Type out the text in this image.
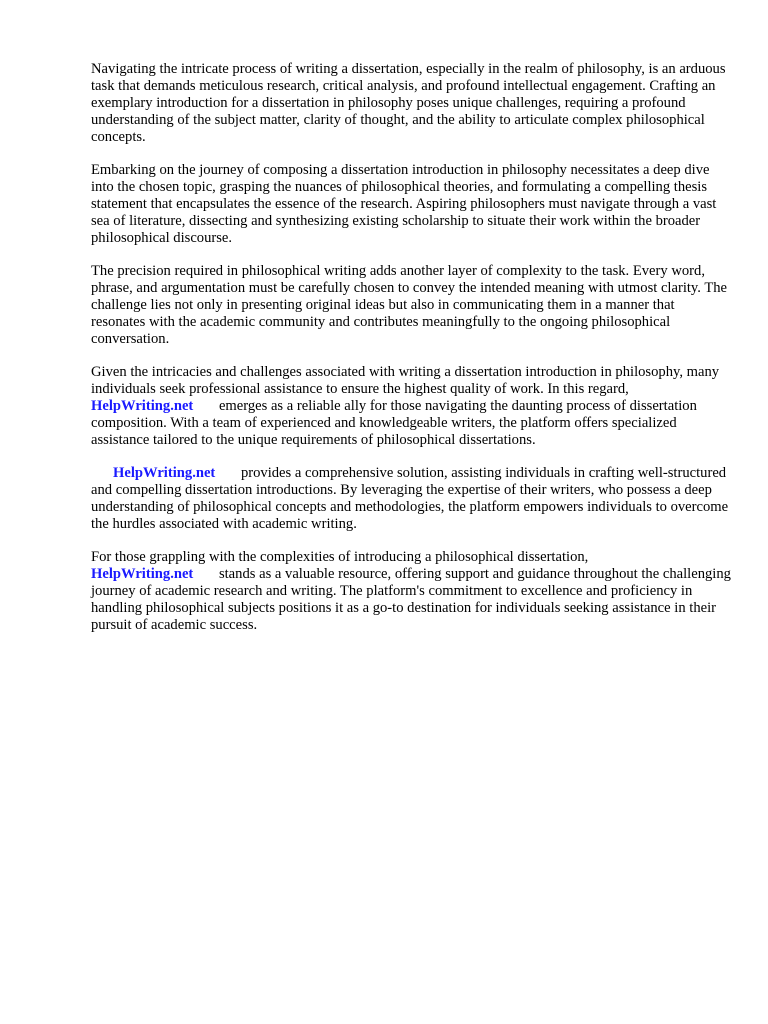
Navigating the intricate process of writing a dissertation, especially in the realm of philosophy, is an arduous task that demands meticulous research, critical analysis, and profound intellectual engagement. Crafting an exemplary introduction for a dissertation in philosophy poses unique challenges, requiring a profound understanding of the subject matter, clarity of thought, and the ability to articulate complex philosophical concepts.

Embarking on the journey of composing a dissertation introduction in philosophy necessitates a deep dive into the chosen topic, grasping the nuances of philosophical theories, and formulating a compelling thesis statement that encapsulates the essence of the research. Aspiring philosophers must navigate through a vast sea of literature, dissecting and synthesizing existing scholarship to situate their work within the broader philosophical discourse.

The precision required in philosophical writing adds another layer of complexity to the task. Every word, phrase, and argumentation must be carefully chosen to convey the intended meaning with utmost clarity. The challenge lies not only in presenting original ideas but also in communicating them in a manner that resonates with the academic community and contributes meaningfully to the ongoing philosophical conversation.

Given the intricacies and challenges associated with writing a dissertation introduction in philosophy, many individuals seek professional assistance to ensure the highest quality of work. In this regard,
HelpWriting.net emerges as a reliable ally for those navigating the daunting process of dissertation composition. With a team of experienced and knowledgeable writers, the platform offers specialized assistance tailored to the unique requirements of philosophical dissertations.

HelpWriting.net provides a comprehensive solution, assisting individuals in crafting well-structured and compelling dissertation introductions. By leveraging the expertise of their writers, who possess a deep understanding of philosophical concepts and methodologies, the platform empowers individuals to overcome the hurdles associated with academic writing.

For those grappling with the complexities of introducing a philosophical dissertation,
HelpWriting.net stands as a valuable resource, offering support and guidance throughout the challenging journey of academic research and writing. The platform's commitment to excellence and proficiency in handling philosophical subjects positions it as a go-to destination for individuals seeking assistance in their pursuit of academic success.
